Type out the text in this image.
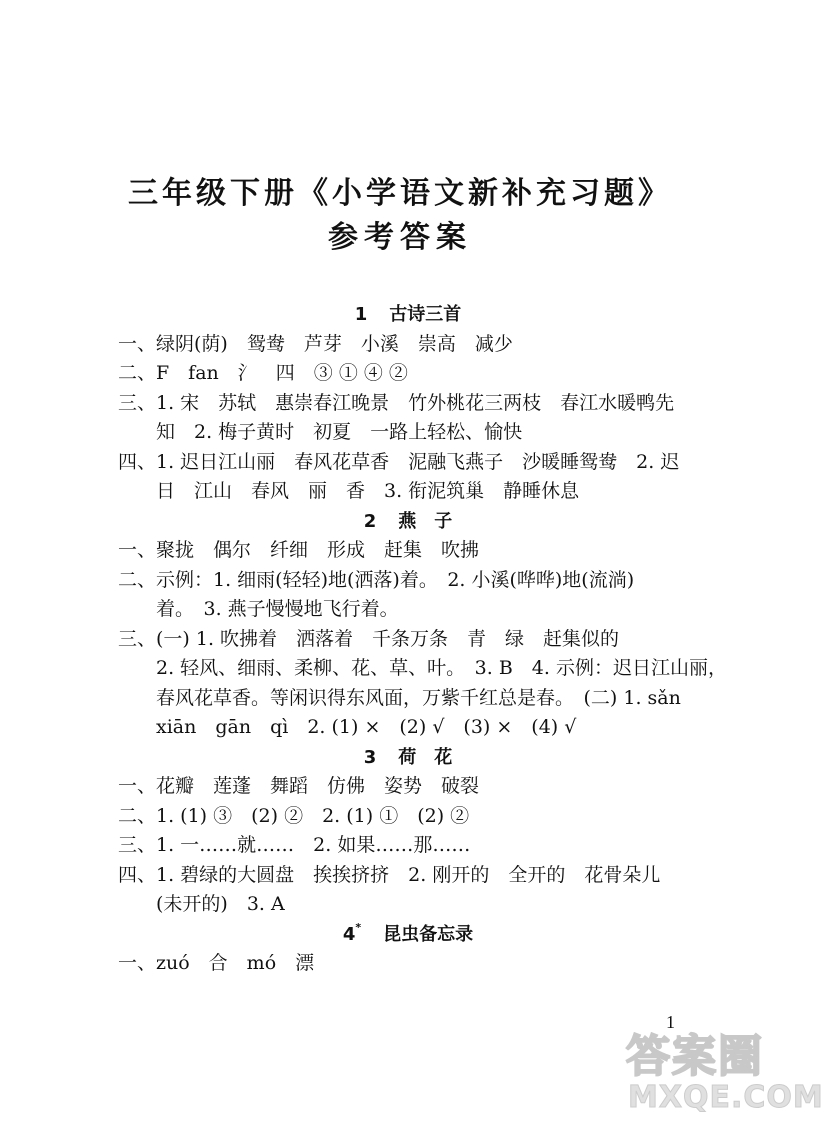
三年级下册《小学语文新补充习题》
参考答案
1 古诗三首
一、绿阴(荫)　鸳鸯　芦芽　小溪　崇高　减少
二、F　fan　氵　四　③ ① ④ ②
三、1. 宋　苏轼　惠崇春江晚景　竹外桃花三两枝　春江水暖鸭先
知　2. 梅子黄时　初夏　一路上轻松、愉快
四、1. 迟日江山丽　春风花草香　泥融飞燕子　沙暖睡鸳鸯　2. 迟
日　江山　春风　丽　香　3. 衔泥筑巢　静睡休息
2 燕　子
一、聚拢　偶尔　纤细　形成　赶集　吹拂
二、示例：1. 细雨(轻轻)地(洒落)着。　2. 小溪(哗哗)地(流淌)
着。　3. 燕子慢慢地飞行着。
三、(一) 1. 吹拂着　洒落着　千条万条　青　绿　赶集似的
2. 轻风、细雨、柔柳、花、草、叶。　3. B　4. 示例：迟日江山丽，
春风花草香。等闲识得东风面，万紫千红总是春。　(二) 1. sǎn
xiān　gān　qì　2. (1) ×　(2) √　(3) ×　(4) √
3 荷　花
一、花瓣　莲蓬　舞蹈　仿佛　姿势　破裂
二、1. (1) ③　(2) ②　2. (1) ①　(2) ②
三、1. 一……就……　2. 如果……那……
四、1. 碧绿的大圆盘　挨挨挤挤　2. 刚开的　全开的　花骨朵儿
(未开的)　3. A
4* 昆虫备忘录
一、zuó　合　mó　漂
1
答案圈
MXQE.COM
